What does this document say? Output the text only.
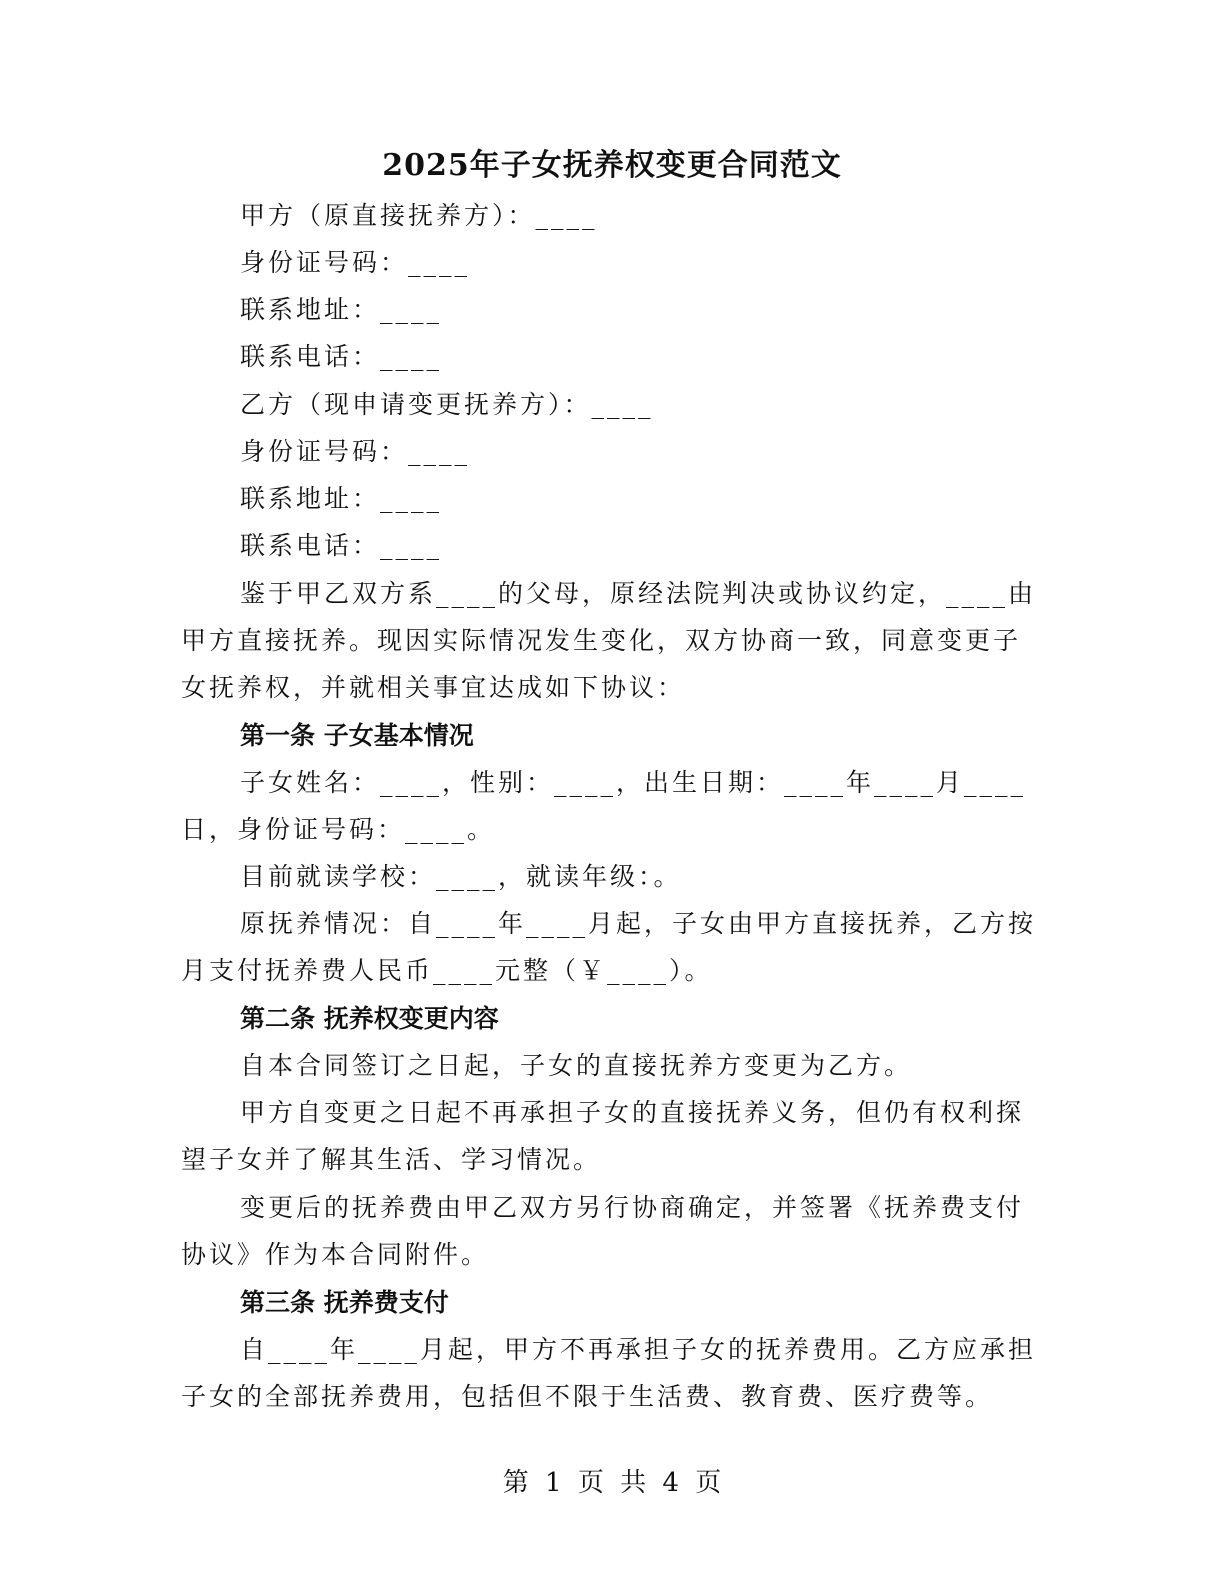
2025年子女抚养权变更合同范文
甲方（原直接抚养方）：____
身份证号码：____
联系地址：____
联系电话：____
乙方（现申请变更抚养方）：____
身份证号码：____
联系地址：____
联系电话：____
鉴于甲乙双方系____的父母，原经法院判决或协议约定，____由
甲方直接抚养。现因实际情况发生变化，双方协商一致，同意变更子
女抚养权，并就相关事宜达成如下协议：
第一条 子女基本情况
子女姓名：____，性别：____，出生日期：____年____月____
日，身份证号码：____。
目前就读学校：____，就读年级：。
原抚养情况：自____年____月起，子女由甲方直接抚养，乙方按
月支付抚养费人民币____元整（￥____）。
第二条 抚养权变更内容
自本合同签订之日起，子女的直接抚养方变更为乙方。
甲方自变更之日起不再承担子女的直接抚养义务，但仍有权利探
望子女并了解其生活、学习情况。
变更后的抚养费由甲乙双方另行协商确定，并签署《抚养费支付
协议》作为本合同附件。
第三条 抚养费支付
自____年____月起，甲方不再承担子女的抚养费用。乙方应承担
子女的全部抚养费用，包括但不限于生活费、教育费、医疗费等。
第 1 页 共 4 页
